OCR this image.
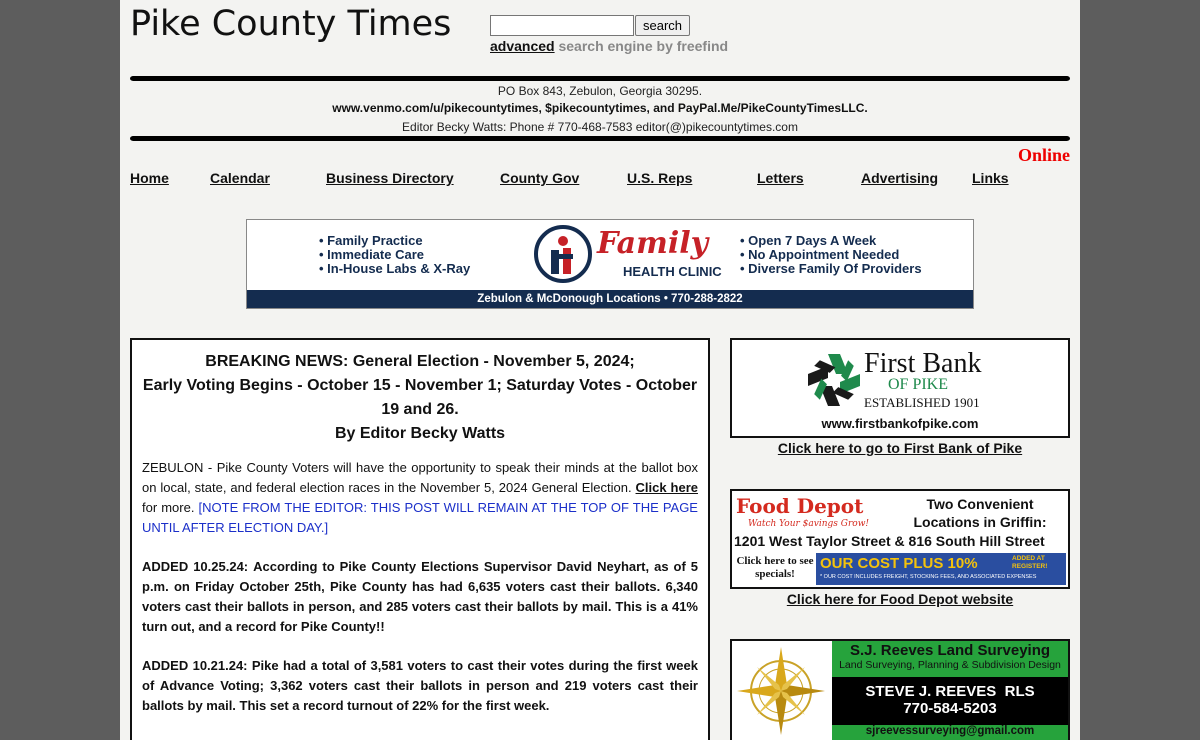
Pike County Times	search
advanced search engine by freefind
PO Box 843, Zebulon, Georgia 30295.
www.venmo.com/u/pikecountytimes, $pikecountytimes, and PayPal.Me/PikeCountyTimesLLC.
Editor Becky Watts: Phone # 770-468-7583 editor(@)pikecountytimes.com
Online
Home	Calendar	Business Directory	County Gov	U.S. Reps	Letters	Advertising Links
• Family Practice
• Immediate Care
• In-House Labs & X-Ray
Family
HEALTH CLINIC
• Open 7 Days A Week
• No Appointment Needed
• Diverse Family Of Providers
Zebulon & McDonough Locations • 770-288-2822
BREAKING NEWS: General Election - November 5, 2024;
Early Voting Begins - October 15 - November 1; Saturday Votes - October 19 and 26.
By Editor Becky Watts

ZEBULON - Pike County Voters will have the opportunity to speak their minds at the ballot box on local, state, and federal election races in the November 5, 2024 General Election. Click here for more. [NOTE FROM THE EDITOR: THIS POST WILL REMAIN AT THE TOP OF THE PAGE UNTIL AFTER ELECTION DAY.]

ADDED 10.25.24: According to Pike County Elections Supervisor David Neyhart, as of 5 p.m. on Friday October 25th, Pike County has had 6,635 voters cast their ballots. 6,340 voters cast their ballots in person, and 285 voters cast their ballots by mail. This is a 41% turn out, and a record for Pike County!!

ADDED 10.21.24: Pike had a total of 3,581 voters to cast their votes during the first week of Advance Voting; 3,362 voters cast their ballots in person and 219 voters cast their ballots by mail. This set a record turnout of 22% for the first week.

First Bank
OF PIKE
ESTABLISHED 1901
www.firstbankofpike.com
Click here to go to First Bank of Pike
Food Depot
Watch Your $avings Grow!
Two Convenient Locations in Griffin:
1201 West Taylor Street & 816 South Hill Street
Click here to see specials!
OUR COST PLUS 10%	ADDED AT REGISTER!
* OUR COST INCLUDES FREIGHT, STOCKING FEES, AND ASSOCIATED EXPENSES
Click here for Food Depot website
S.J. Reeves Land Surveying
Land Surveying, Planning & Subdivision Design
STEVE J. REEVES  RLS
770-584-5203
sjreevessurveying@gmail.com
